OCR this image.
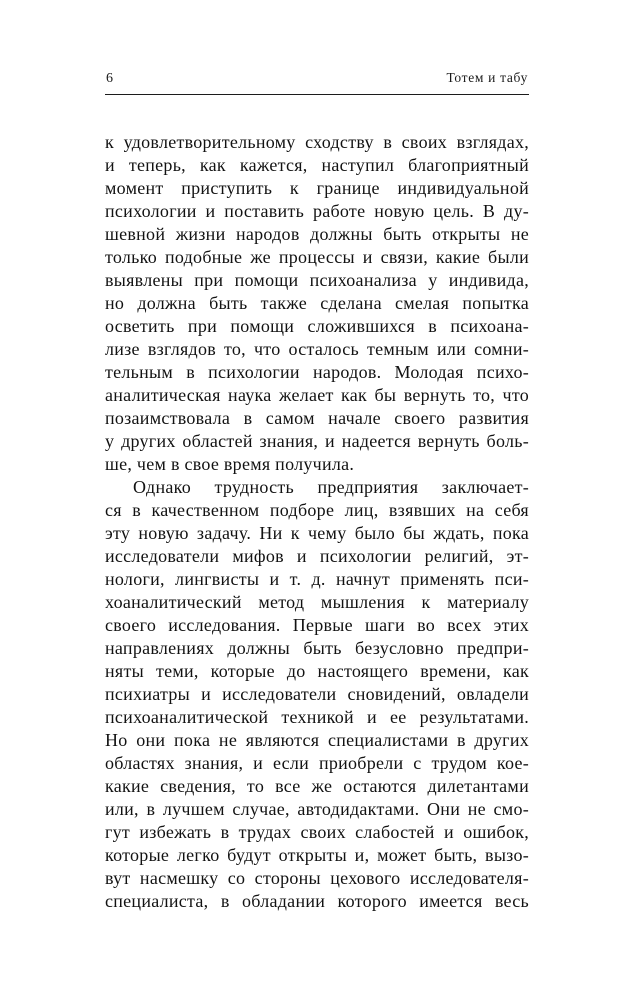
6	Тотем и табу
к удовлетворительному сходству в своих взглядах,
и теперь, как кажется, наступил благоприятный
момент приступить к границе индивидуальной
психологии и поставить работе новую цель. В ду-
шевной жизни народов должны быть открыты не
только подобные же процессы и связи, какие были
выявлены при помощи психоанализа у индивида,
но должна быть также сделана смелая попытка
осветить при помощи сложившихся в психоана-
лизе взглядов то, что осталось темным или сомни-
тельным в психологии народов. Молодая психо-
аналитическая наука желает как бы вернуть то, что
позаимствовала в самом начале своего развития
у других областей знания, и надеется вернуть боль-
ше, чем в свое время получила.
Однако трудность предприятия заключает-
ся в качественном подборе лиц, взявших на себя
эту новую задачу. Ни к чему было бы ждать, пока
исследователи мифов и психологии религий, эт-
нологи, лингвисты и т. д. начнут применять пси-
хоаналитический метод мышления к материалу
своего исследования. Первые шаги во всех этих
направлениях должны быть безусловно предпри-
няты теми, которые до настоящего времени, как
психиатры и исследователи сновидений, овладели
психоаналитической техникой и ее результатами.
Но они пока не являются специалистами в других
областях знания, и если приобрели с трудом кое-
какие сведения, то все же остаются дилетантами
или, в лучшем случае, автодидактами. Они не смо-
гут избежать в трудах своих слабостей и ошибок,
которые легко будут открыты и, может быть, вызо-
вут насмешку со стороны цехового исследователя-
специалиста, в обладании которого имеется весь
